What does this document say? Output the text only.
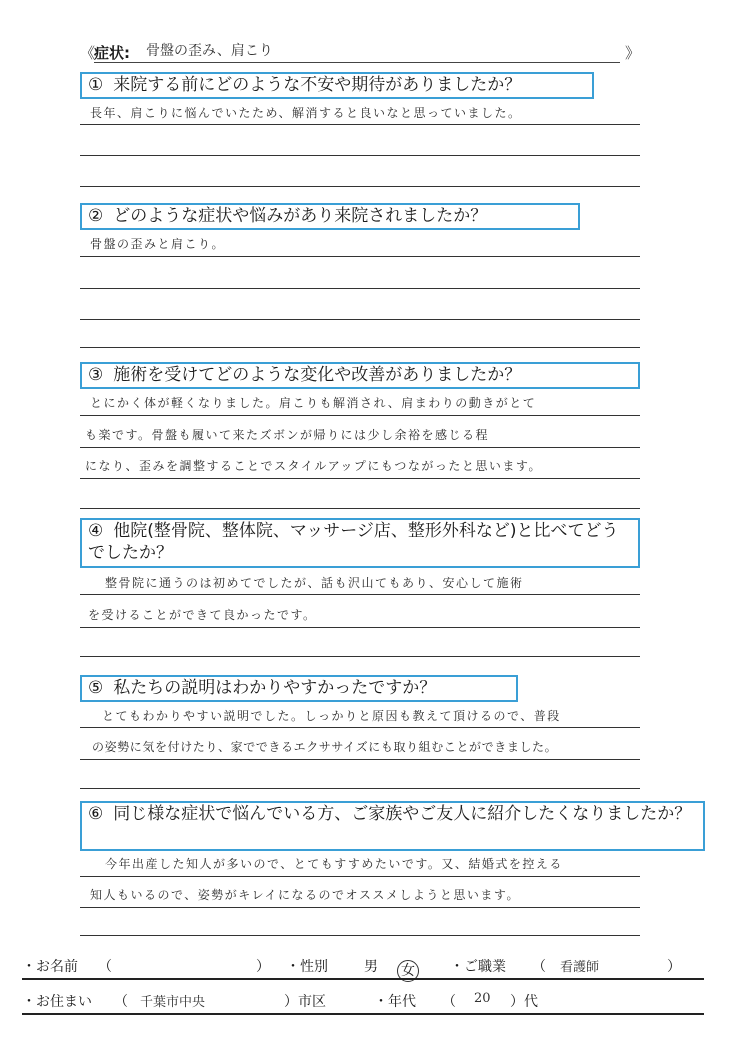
《
症状: 骨盤の歪み、肩こり	》
① 来院する前にどのような不安や期待がありましたか？
長年、肩こりに悩んでいたため、解消すると良いなと思っていました。
② どのような症状や悩みがあり来院されましたか？
骨盤の歪みと肩こり。
③ 施術を受けてどのような変化や改善がありましたか？
とにかく体が軽くなりました。肩こりも解消され、肩まわりの動きがとて
も楽です。骨盤も履いて来たズボンが帰りには少し余裕を感じる程
になり、歪みを調整することでスタイルアップにもつながったと思います。
④ 他院(整骨院、整体院、マッサージ店、整形外科など)と比べてどうでしたか？
整骨院に通うのは初めてでしたが、話も沢山てもあり、安心して施術
を受けることができて良かったです。
⑤ 私たちの説明はわかりやすかったですか？
とてもわかりやすい説明でした。しっかりと原因も教えて頂けるので、普段
の姿勢に気を付けたり、家でできるエクササイズにも取り組むことができました。
⑥ 同じ様な症状で悩んでいる方、ご家族やご友人に紹介したくなりましたか？
今年出産した知人が多いので、とてもすすめたいです。又、結婚式を控える
知人もいるので、姿勢がキレイになるのでオススメしようと思います。
・お名前 （	） ・性別	男 女	・ご職業 （ 看護師	）
・お住まい （ 千葉市中央	）市区	・年代 （ 20 ）代
